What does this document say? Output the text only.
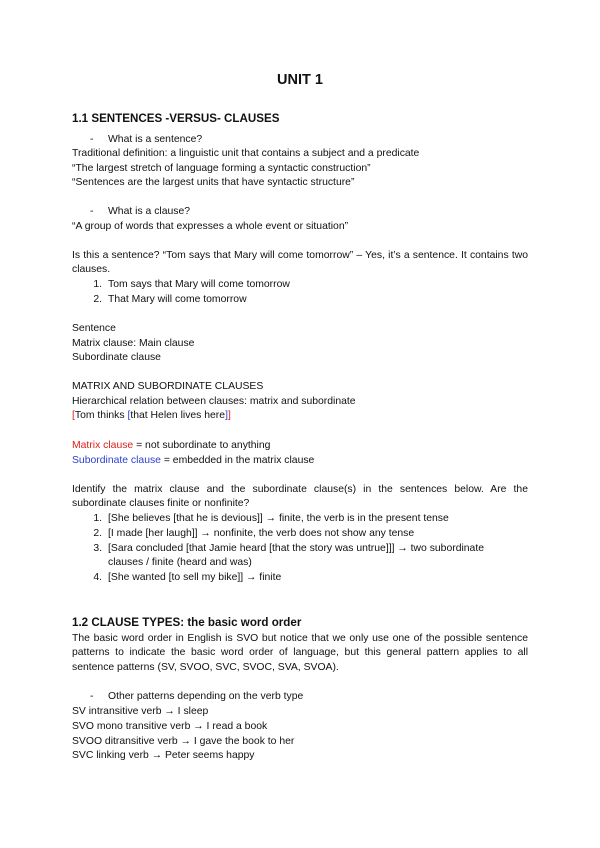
UNIT 1
1.1 SENTENCES -VERSUS- CLAUSES
- What is a sentence?
Traditional definition: a linguistic unit that contains a subject and a predicate
“The largest stretch of language forming a syntactic construction”
“Sentences are the largest units that have syntactic structure”
- What is a clause?
“A group of words that expresses a whole event or situation”
Is this a sentence? “Tom says that Mary will come tomorrow” – Yes, it’s a sentence. It contains two clauses.
1. Tom says that Mary will come tomorrow
2. That Mary will come tomorrow
Sentence
Matrix clause: Main clause
Subordinate clause
MATRIX AND SUBORDINATE CLAUSES
Hierarchical relation between clauses: matrix and subordinate
[Tom thinks [that Helen lives here]]
Matrix clause = not subordinate to anything
Subordinate clause = embedded in the matrix clause
Identify the matrix clause and the subordinate clause(s) in the sentences below. Are the subordinate clauses finite or nonfinite?
1. [She believes [that he is devious]] → finite, the verb is in the present tense
2. [I made [her laugh]] → nonfinite, the verb does not show any tense
3. [Sara concluded [that Jamie heard [that the story was untrue]]] → two subordinate
clauses / finite (heard and was)
4. [She wanted [to sell my bike]] → finite
1.2 CLAUSE TYPES: the basic word order
The basic word order in English is SVO but notice that we only use one of the possible sentence patterns to indicate the basic word order of language, but this general pattern applies to all sentence patterns (SV, SVOO, SVC, SVOC, SVA, SVOA).
- Other patterns depending on the verb type
SV intransitive verb → I sleep
SVO mono transitive verb → I read a book
SVOO ditransitive verb → I gave the book to her
SVC linking verb → Peter seems happy
